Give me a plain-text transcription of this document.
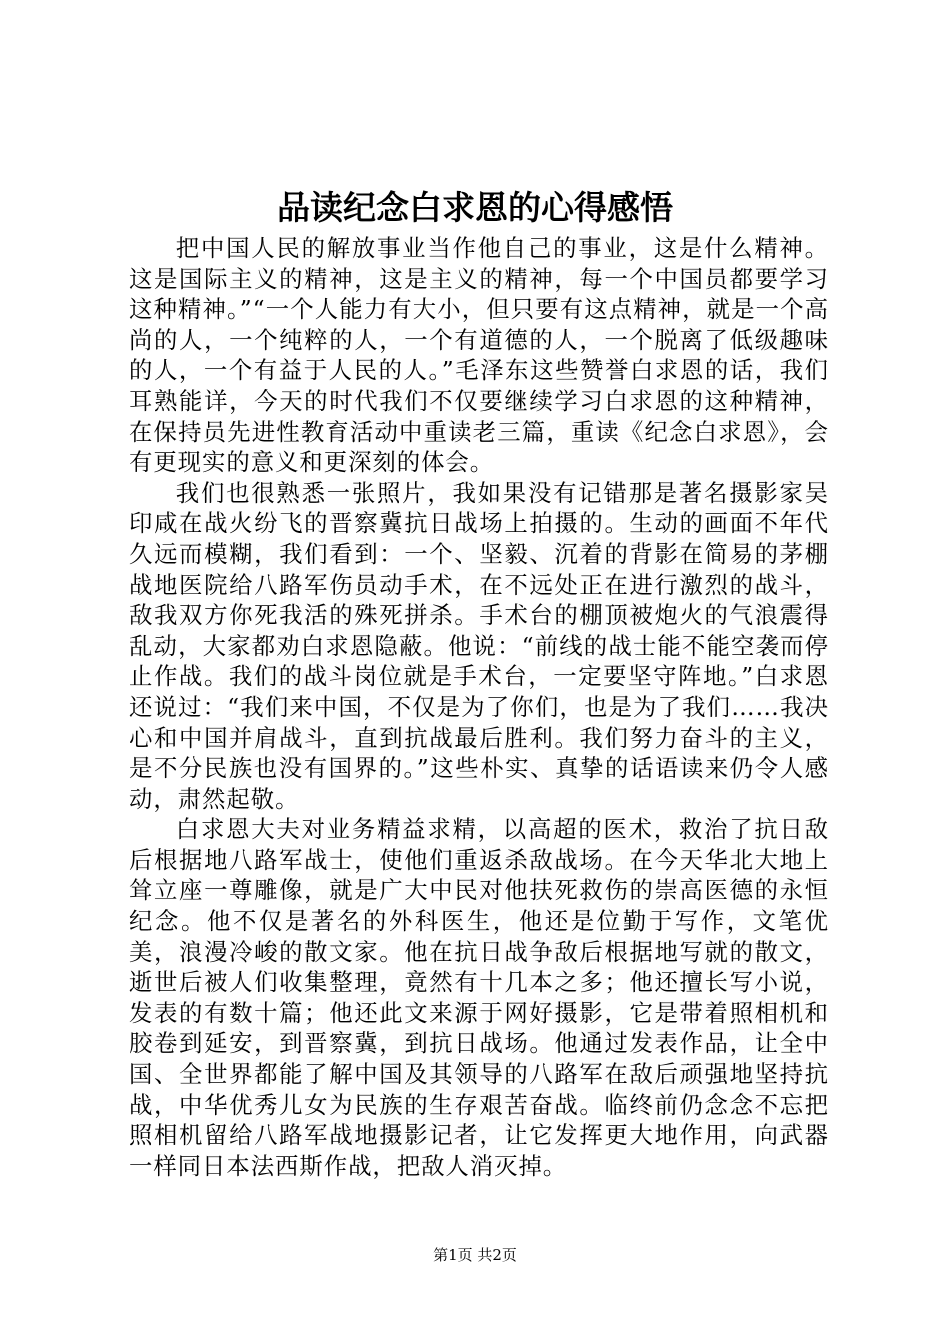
品读纪念白求恩的心得感悟

把中国人民的解放事业当作他自己的事业，这是什么精神。这是国际主义的精神，这是主义的精神，每一个中国员都要学习这种精神。”“一个人能力有大小，但只要有这点精神，就是一个高尚的人，一个纯粹的人，一个有道德的人，一个脱离了低级趣味的人，一个有益于人民的人。”毛泽东这些赞誉白求恩的话，我们耳熟能详，今天的时代我们不仅要继续学习白求恩的这种精神，在保持员先进性教育活动中重读老三篇，重读《纪念白求恩》，会有更现实的意义和更深刻的体会。

我们也很熟悉一张照片，我如果没有记错那是著名摄影家吴印咸在战火纷飞的晋察冀抗日战场上拍摄的。生动的画面不年代久远而模糊，我们看到：一个、坚毅、沉着的背影在简易的茅棚战地医院给八路军伤员动手术，在不远处正在进行激烈的战斗，敌我双方你死我活的殊死拼杀。手术台的棚顶被炮火的气浪震得乱动，大家都劝白求恩隐蔽。他说：“前线的战士能不能空袭而停止作战。我们的战斗岗位就是手术台，一定要坚守阵地。”白求恩还说过：“我们来中国，不仅是为了你们，也是为了我们……我决心和中国并肩战斗，直到抗战最后胜利。我们努力奋斗的主义，是不分民族也没有国界的。”这些朴实、真挚的话语读来仍令人感动，肃然起敬。

白求恩大夫对业务精益求精，以高超的医术，救治了抗日敌后根据地八路军战士，使他们重返杀敌战场。在今天华北大地上耸立座一尊雕像，就是广大中民对他扶死救伤的崇高医德的永恒纪念。他不仅是著名的外科医生，他还是位勤于写作，文笔优美，浪漫冷峻的散文家。他在抗日战争敌后根据地写就的散文，逝世后被人们收集整理，竟然有十几本之多；他还擅长写小说，发表的有数十篇；他还此文来源于网好摄影，它是带着照相机和胶卷到延安，到晋察冀，到抗日战场。他通过发表作品，让全中国、全世界都能了解中国及其领导的八路军在敌后顽强地坚持抗战，中华优秀儿女为民族的生存艰苦奋战。临终前仍念念不忘把照相机留给八路军战地摄影记者，让它发挥更大地作用，向武器一样同日本法西斯作战，把敌人消灭掉。

第1页 共2页
